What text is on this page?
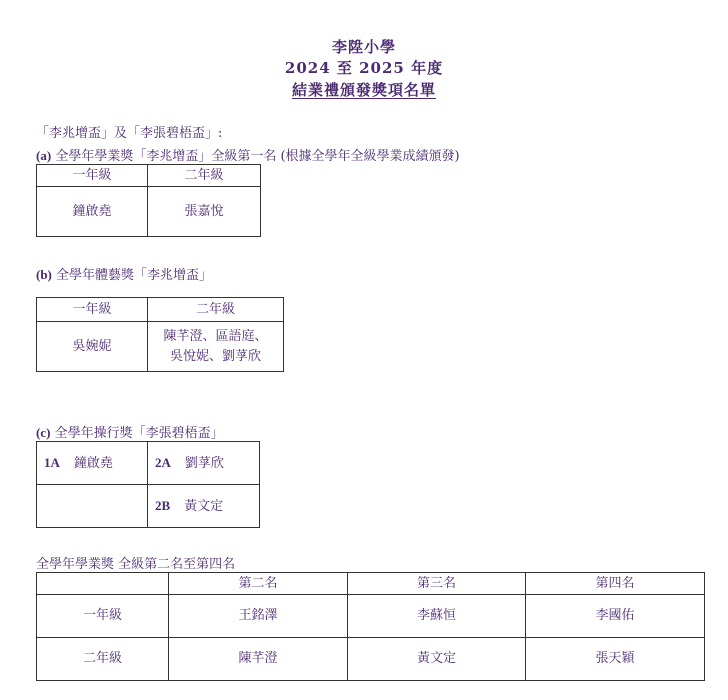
李陞小學
2024 至 2025 年度
結業禮頒發獎項名單
「李兆增盃」及「李張碧梧盃」:
(a) 全學年學業獎「李兆增盃」全級第一名 (根據全學年全級學業成績頒發)
一年級	二年級
鐘啟堯	張嘉悅
(b) 全學年體藝獎「李兆增盃」
一年級	二年級
吳婉妮	陳芊澄、區語庭、
吳悅妮、劉莩欣
(c) 全學年操行獎「李張碧梧盃」
1A 鐘啟堯	2A 劉莩欣
	2B 黃文定
全學年學業獎 全級第二名至第四名
	第二名	第三名	第四名
一年級	王銘澤	李蘇恒	李國佑
二年級	陳芊澄	黃文定	張天穎
